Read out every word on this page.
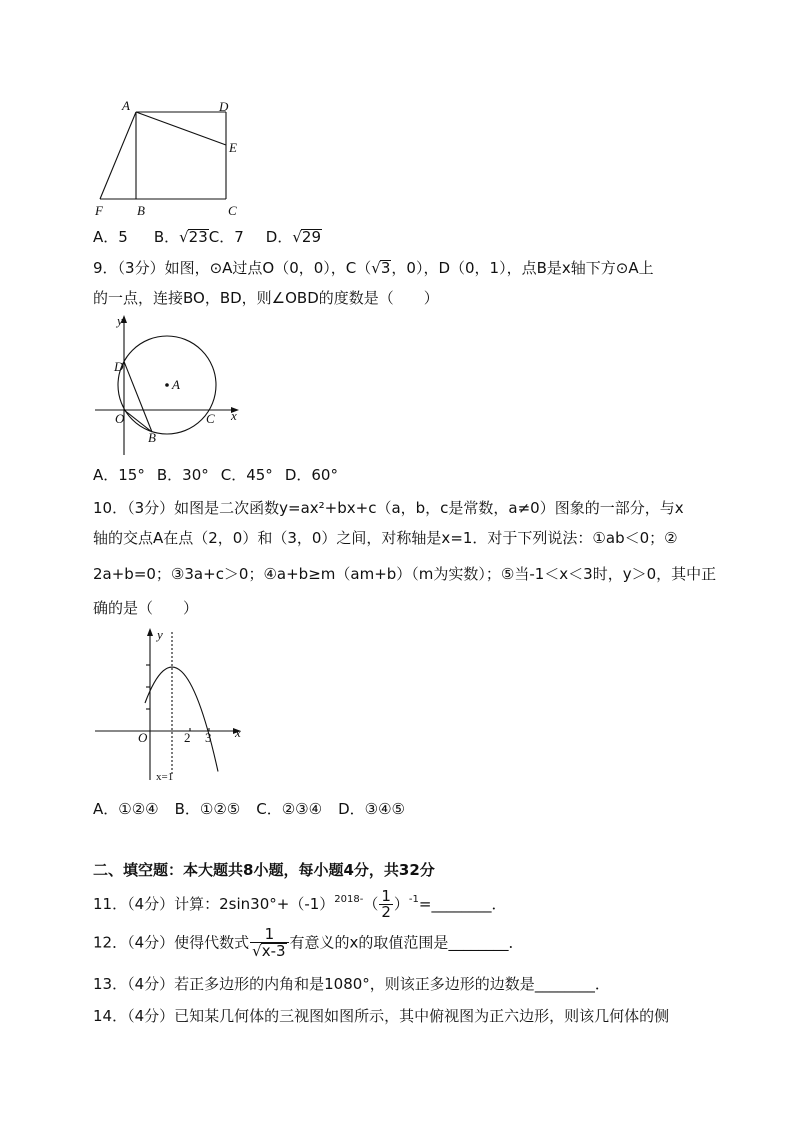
A	D
E
F	B	C
A．5 B．√23C．7 D．√29
9．（3分）如图，⊙A过点O（0，0），C（√3，0），D（0，1），点B是x轴下方⊙A上
的一点，连接BO，BD，则∠OBD的度数是（　　）
y
D
A
O	C x
B
A．15° B．30° C．45° D．60°
10．（3分）如图是二次函数y=ax²+bx+c（a，b，c是常数，a≠0）图象的一部分，与x
轴的交点A在点（2，0）和（3，0）之间，对称轴是x=1．对于下列说法：①ab＜0；②
2a+b=0；③3a+c＞0；④a+b≥m（am+b）（m为实数）；⑤当-1＜x＜3时，y＞0，其中正
确的是（　　）
y
O	2 3 x
x=1
A．①②④ B．①②⑤ C．②③④ D．③④⑤
二、填空题：本大题共8小题，每小题4分，共32分
11．（4分）计算：$2\sin 30^\circ+(-1)^{2018-}( \frac{1}{2}$ ）$^{-1}=\_\_\_\_\_\_\_\_$．
12．（4分）使得代数式 $\frac{1}{√x-3}$ 有意义的x的取值范围是________．
13．（4分）若正多边形的内角和是1080°，则该正多边形的边数是________．
14．（4分）已知某几何体的三视图如图所示，其中俯视图为正六边形，则该几何体的侧
